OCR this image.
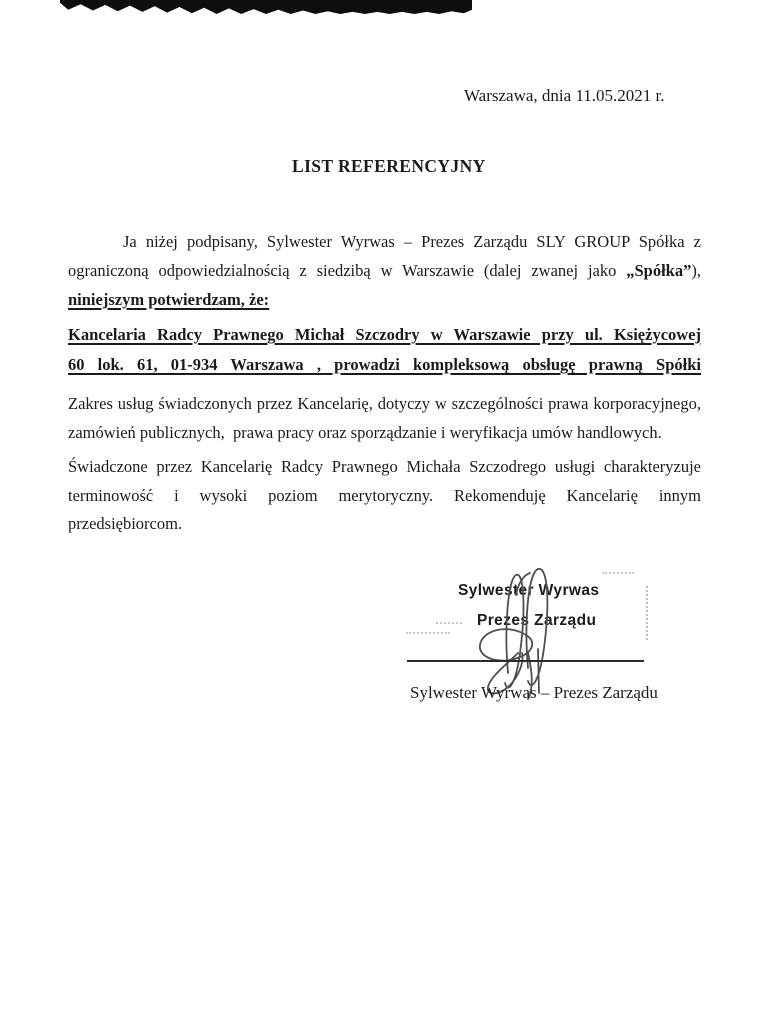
Warszawa, dnia 11.05.2021 r.
LIST REFERENCYJNY
Ja niżej podpisany, Sylwester Wyrwas – Prezes Zarządu SLY GROUP Spółka z
ograniczoną odpowiedzialnością z siedzibą w Warszawie (dalej zwanej jako „Spółka”),
niniejszym potwierdzam, że:
Kancelaria Radcy Prawnego Michał Szczodry w Warszawie przy ul. Księżycowej
60 lok. 61, 01-934 Warszawa , prowadzi kompleksową obsługę prawną Spółki
Zakres usług świadczonych przez Kancelarię, dotyczy w szczególności prawa korporacyjnego,
zamówień publicznych,  prawa pracy oraz sporządzanie i weryfikacja umów handlowych.
Świadczone przez Kancelarię Radcy Prawnego Michała Szczodrego usługi charakteryzuje
terminowość i wysoki poziom merytoryczny. Rekomenduję Kancelarię innym
przedsiębiorcom.
Sylwester Wyrwas
Prezes Zarządu
Sylwester Wyrwas – Prezes Zarządu
